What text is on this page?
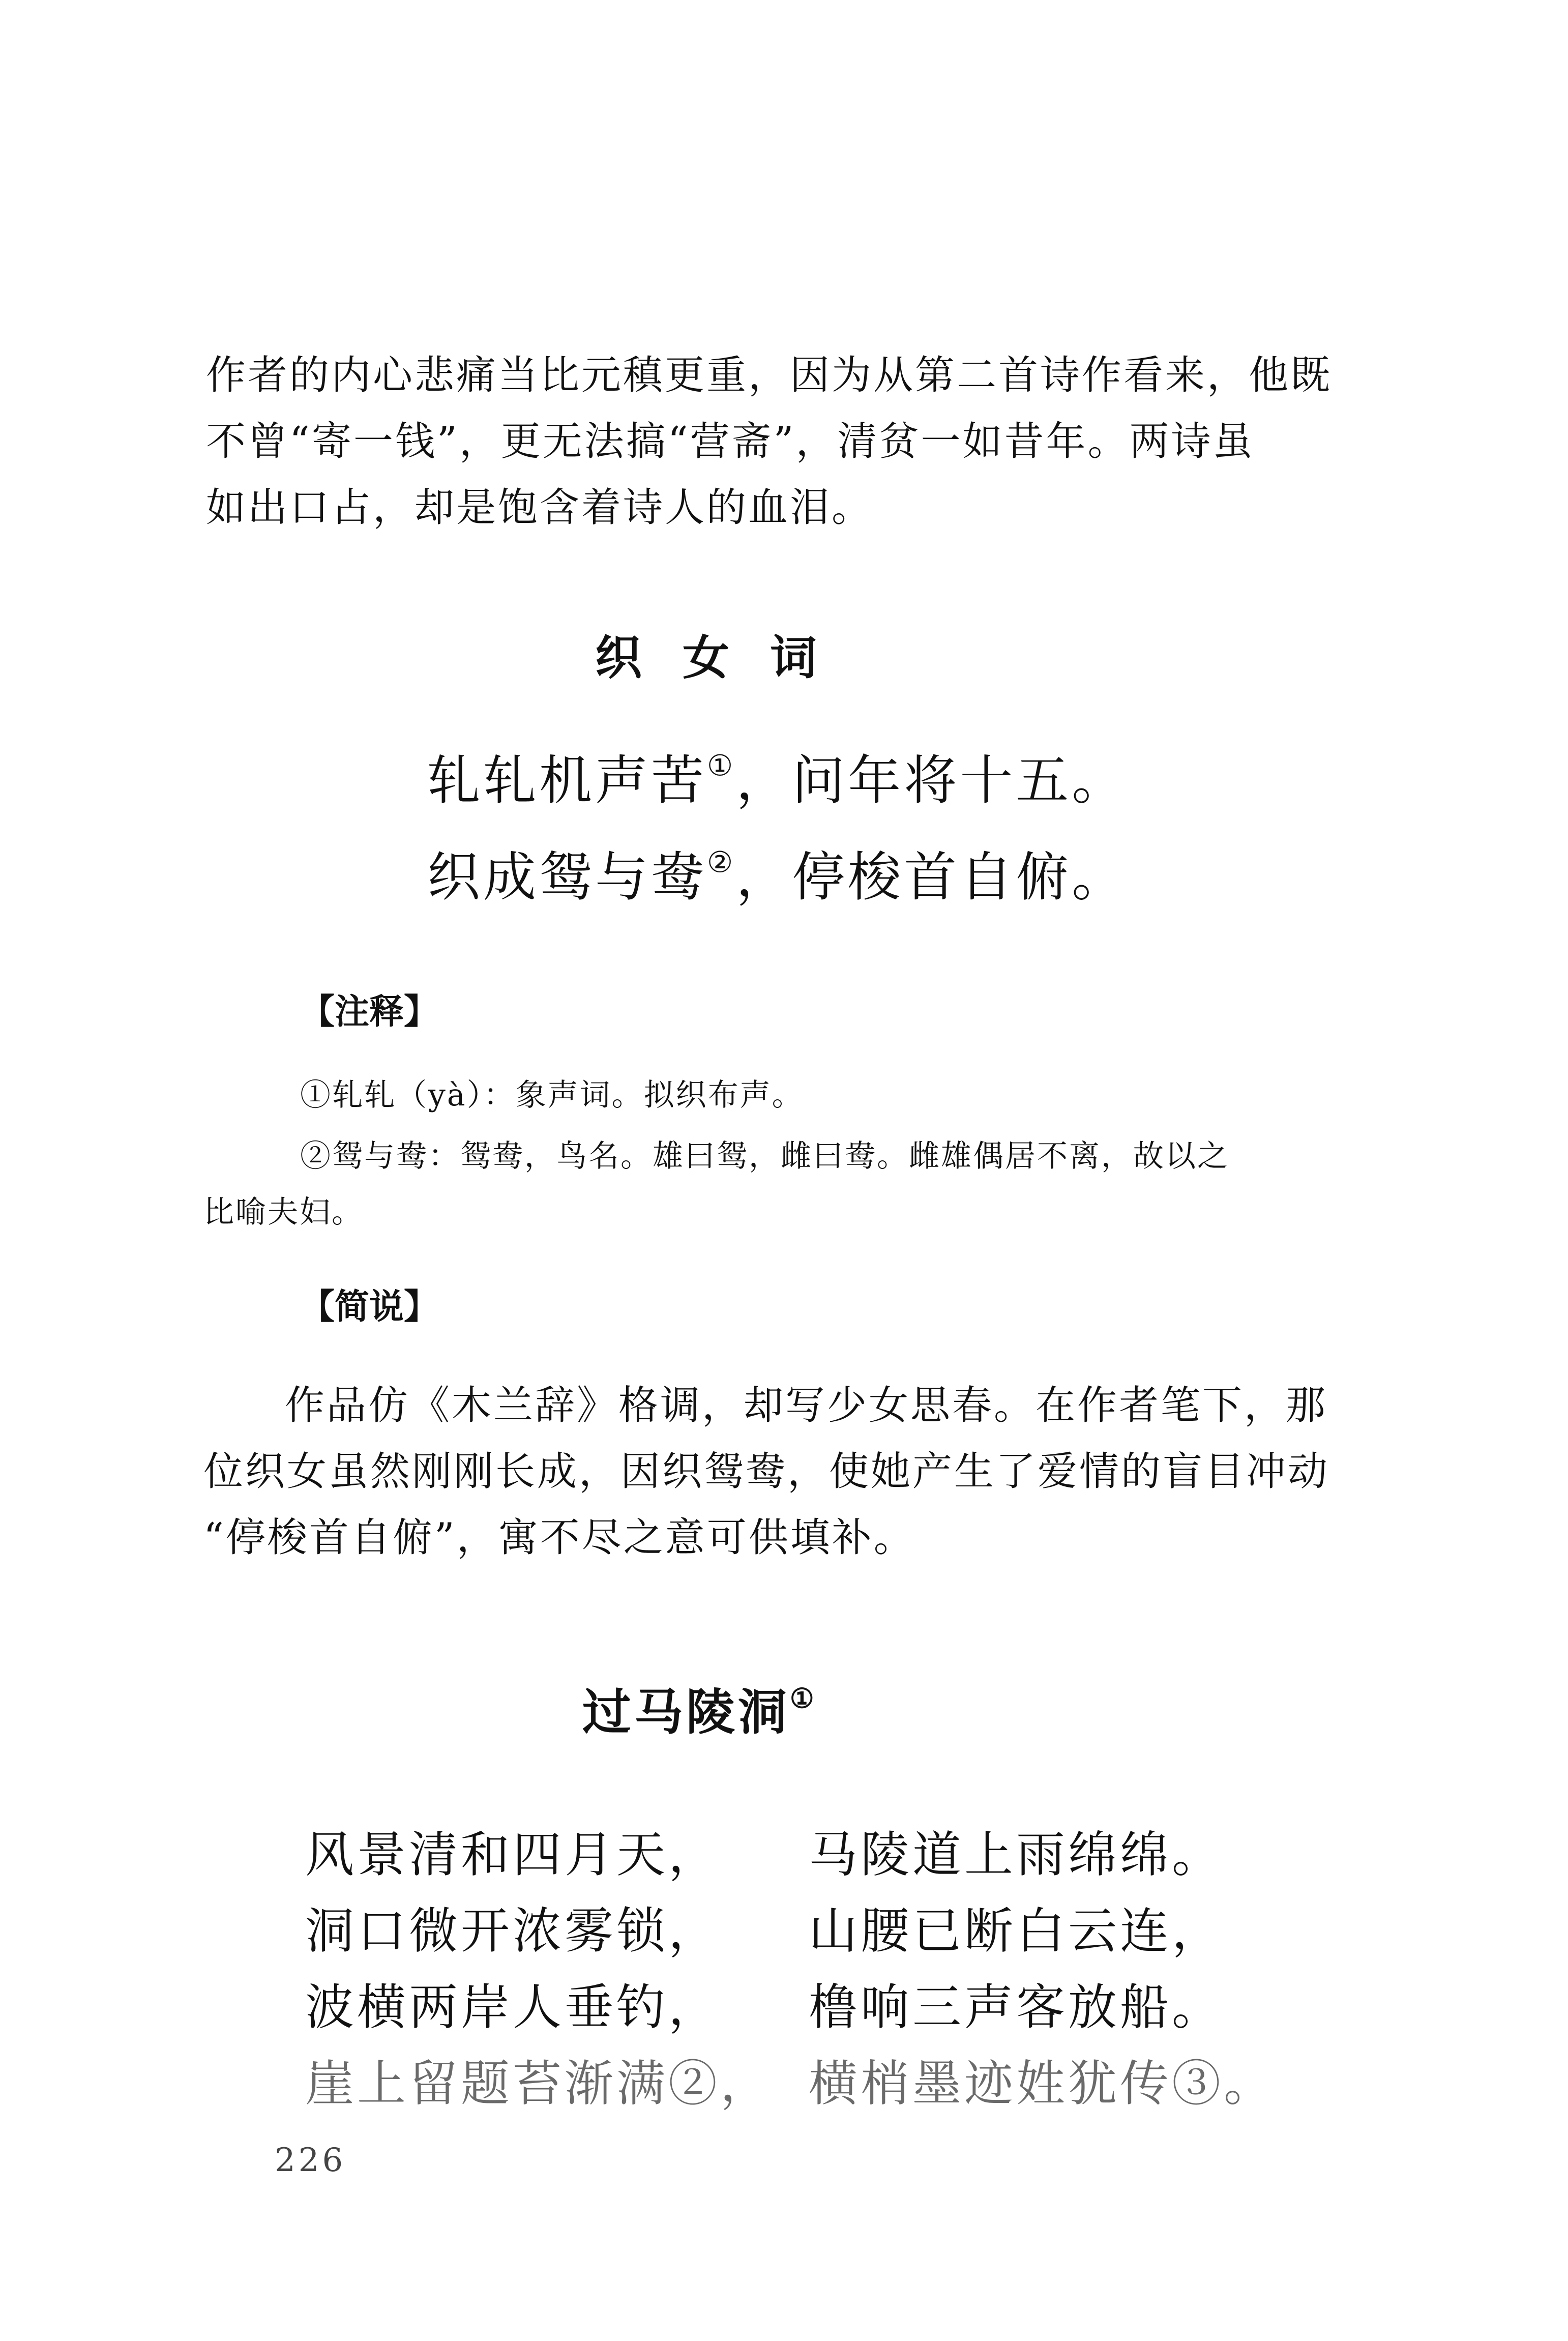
作者的内心悲痛当比元稹更重，因为从第二首诗作看来，他既
不曾“寄一钱”，更无法搞“营斋”，清贫一如昔年。两诗虽
如出口占，却是饱含着诗人的血泪。
织女词
轧轧机声苦①，问年将十五。
织成鸳与鸯②，停梭首自俯。
【注释】
①轧轧（yà）：象声词。拟织布声。
②鸳与鸯：鸳鸯，鸟名。雄曰鸳，雌曰鸯。雌雄偶居不离，故以之
比喻夫妇。
【简说】
作品仿《木兰辞》格调，却写少女思春。在作者笔下，那
位织女虽然刚刚长成，因织鸳鸯，使她产生了爱情的盲目冲动
“停梭首自俯”，寓不尽之意可供填补。
过马陵洞①
风景清和四月天， 马陵道上雨绵绵。
洞口微开浓雾锁， 山腰已断白云连，
波横两岸人垂钓， 橹响三声客放船。
崖上留题苔渐满②， 横梢墨迹姓犹传③。
226
